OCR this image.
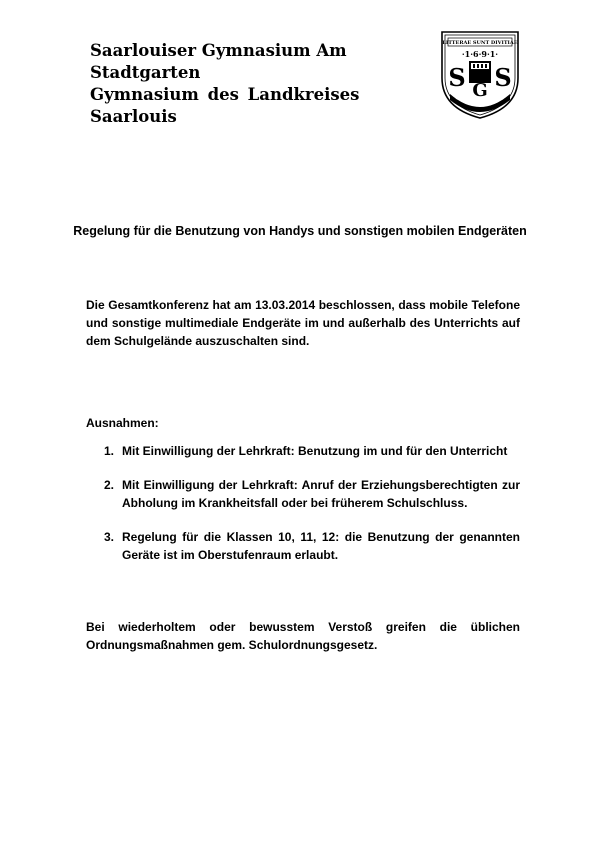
Saarlouiser Gymnasium Am Stadtgarten
Gymnasium des Landkreises Saarlouis
LITTERAE SUNT DIVITIAE
·1·6·9·1·
S S
G
SAARLOUIS
Regelung für die Benutzung von Handys und sonstigen mobilen Endgeräten
Die Gesamtkonferenz hat am 13.03.2014 beschlossen, dass mobile Telefone und sonstige multimediale Endgeräte im und außerhalb des Unterrichts auf dem Schulgelände auszuschalten sind.
Ausnahmen:
1. Mit Einwilligung der Lehrkraft: Benutzung im und für den Unterricht
2. Mit Einwilligung der Lehrkraft: Anruf der Erziehungsberechtigten zur Abholung im Krankheitsfall oder bei früherem Schulschluss.
3. Regelung für die Klassen 10, 11, 12: die Benutzung der genannten Geräte ist im Oberstufenraum erlaubt.
Bei wiederholtem oder bewusstem Verstoß greifen die üblichen Ordnungsmaßnahmen gem. Schulordnungsgesetz.
